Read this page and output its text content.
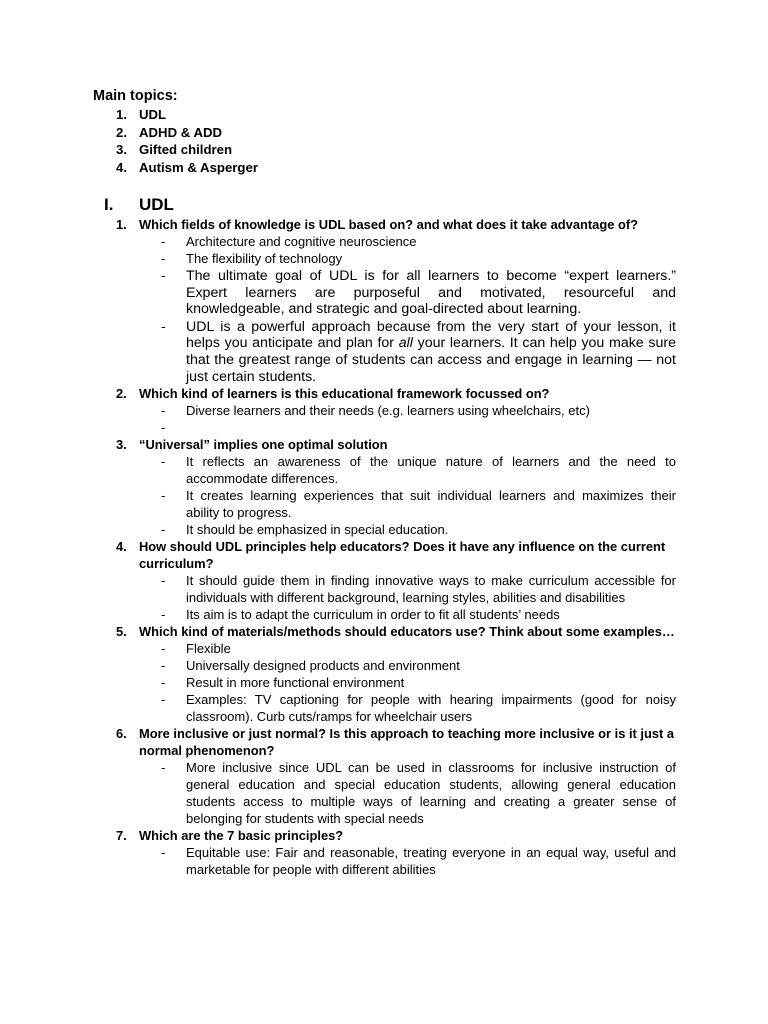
Main topics:
1. UDL
2. ADHD & ADD
3. Gifted children
4. Autism & Asperger
I. UDL

1. Which fields of knowledge is UDL based on? and what does it take advantage of?

- Architecture and cognitive neuroscience
- The flexibility of technology
- The ultimate goal of UDL is for all learners to become “expert learners.” Expert learners are purposeful and motivated, resourceful and knowledgeable, and strategic and goal-directed about learning.
- UDL is a powerful approach because from the very start of your lesson, it helps you anticipate and plan for all your learners. It can help you make sure that the greatest range of students can access and engage in learning — not just certain students.

2. Which kind of learners is this educational framework focussed on?

- Diverse learners and their needs (e.g. learners using wheelchairs, etc)
-

3. “Universal” implies one optimal solution

- It reflects an awareness of the unique nature of learners and the need to accommodate differences.
- It creates learning experiences that suit individual learners and maximizes their ability to progress.
- It should be emphasized in special education.

4. How should UDL principles help educators? Does it have any influence on the current curriculum?

- It should guide them in finding innovative ways to make curriculum accessible for individuals with different background, learning styles, abilities and disabilities
- Its aim is to adapt the curriculum in order to fit all students’ needs

5. Which kind of materials/methods should educators use? Think about some examples…

- Flexible
- Universally designed products and environment
- Result in more functional environment
- Examples: TV captioning for people with hearing impairments (good for noisy classroom). Curb cuts/ramps for wheelchair users

6. More inclusive or just normal? Is this approach to teaching more inclusive or is it just a normal phenomenon?

- More inclusive since UDL can be used in classrooms for inclusive instruction of general education and special education students, allowing general education students access to multiple ways of learning and creating a greater sense of belonging for students with special needs

7. Which are the 7 basic principles?

- Equitable use: Fair and reasonable, treating everyone in an equal way, useful and marketable for people with different abilities
